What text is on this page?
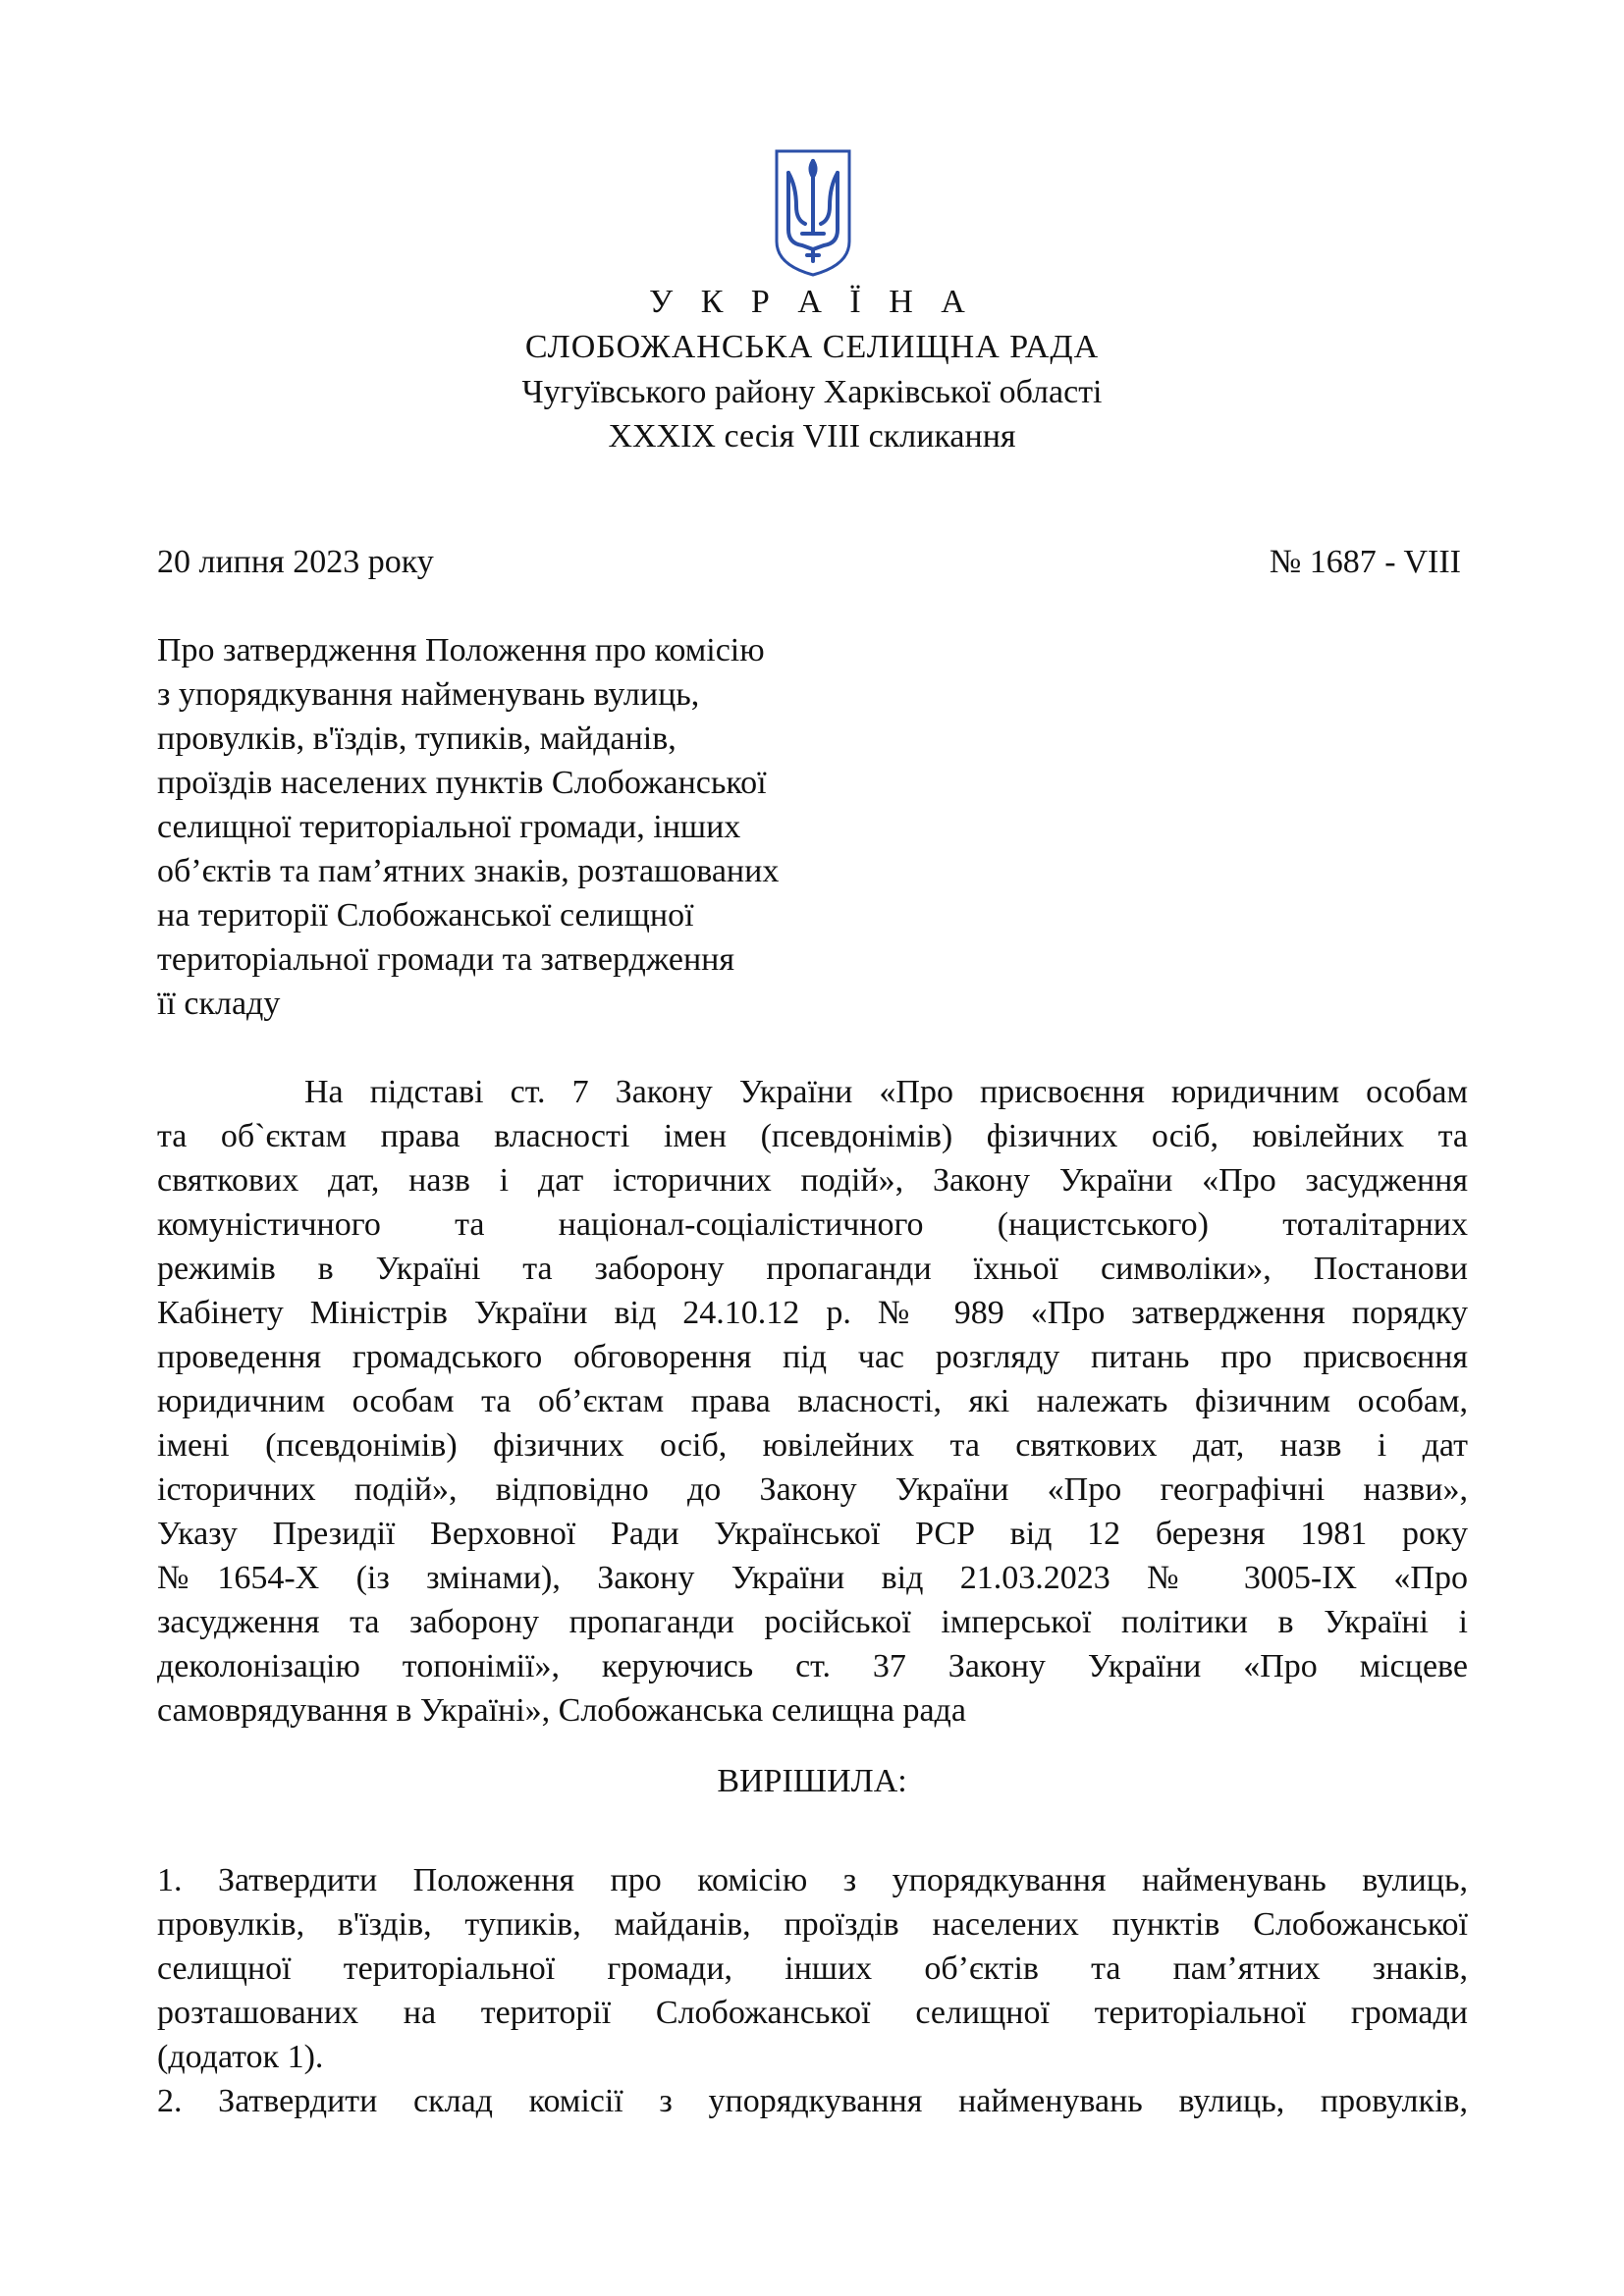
У К Р А Ї Н А
СЛОБОЖАНСЬКА СЕЛИЩНА РАДА
Чугуївського району Харківської області
XXXIX сесія VIII скликання
20 липня 2023 року	№ 1687 - VIII
Про затвердження Положення про комісію
з упорядкування найменувань вулиць,
провулків, в'їздів, тупиків, майданів,
проїздів населених пунктів Слобожанської
селищної територіальної громади, інших
об’єктів та пам’ятних знаків, розташованих
на території Слобожанської селищної
територіальної громади та затвердження
її складу
На підставі ст. 7 Закону України «Про присвоєння юридичним особам
та об`єктам права власності імен (псевдонімів) фізичних осіб, ювілейних та
святкових дат, назв і дат історичних подій», Закону України «Про засудження
комуністичного та націонал-соціалістичного (нацистського) тоталітарних
режимів в Україні та заборону пропаганди їхньої символіки», Постанови
Кабінету Міністрів України від 24.10.12 р. № 989 «Про затвердження порядку
проведення громадського обговорення під час розгляду питань про присвоєння
юридичним особам та об’єктам права власності, які належать фізичним особам,
імені (псевдонімів) фізичних осіб, ювілейних та святкових дат, назв і дат
історичних подій», відповідно до Закону України «Про географічні назви»,
Указу Президії Верховної Ради Української РСР від 12 березня 1981 року
№1654-X (із змінами), Закону України від 21.03.2023 № 3005-IX «Про
засудження та заборону пропаганди російської імперської політики в Україні і
деколонізацію топонімії», керуючись ст. 37 Закону України «Про місцеве
самоврядування в Україні», Слобожанська селищна рада
ВИРІШИЛА:
1. Затвердити Положення про комісію з упорядкування найменувань вулиць,
провулків, в'їздів, тупиків, майданів, проїздів населених пунктів Слобожанської
селищної територіальної громади, інших об’єктів та пам’ятних знаків,
розташованих на території Слобожанської селищної територіальної громади
(додаток 1).
2. Затвердити склад комісії з упорядкування найменувань вулиць, провулків,
